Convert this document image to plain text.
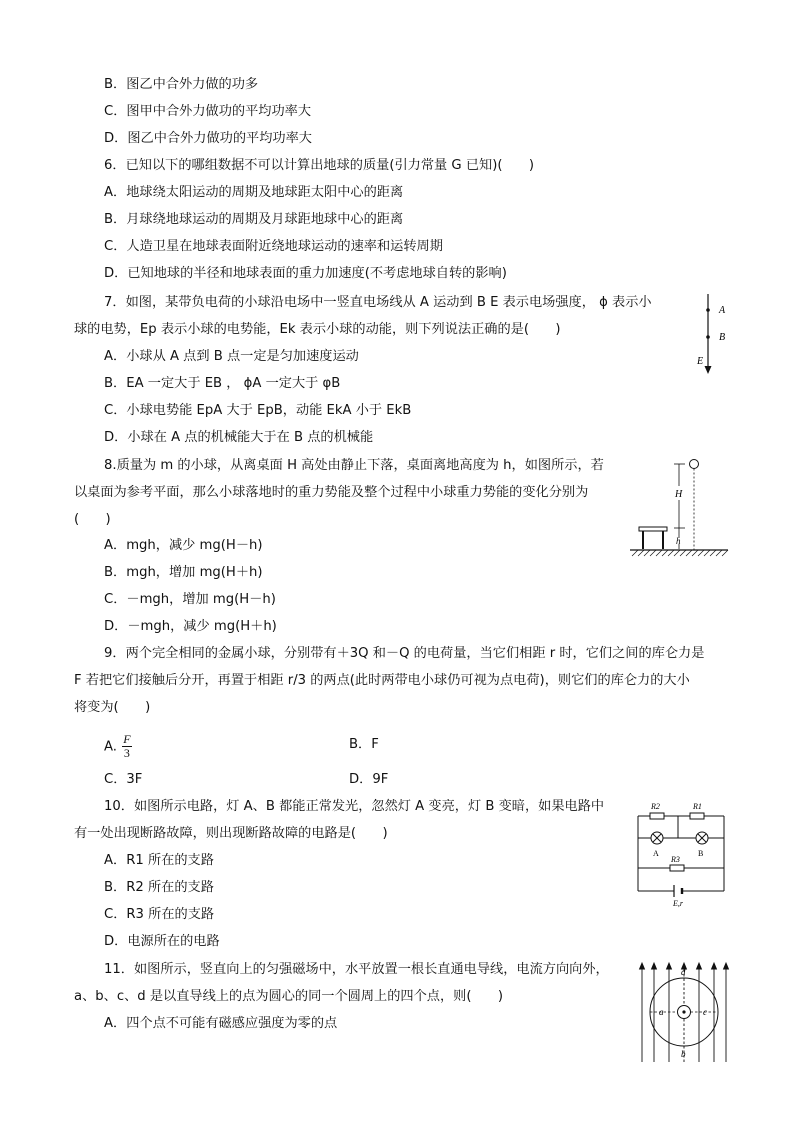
B．图乙中合外力做的功多
C．图甲中合外力做功的平均功率大
D．图乙中合外力做功的平均功率大
6．已知以下的哪组数据不可以计算出地球的质量(引力常量 G 已知)(　　)
A．地球绕太阳运动的周期及地球距太阳中心的距离
B．月球绕地球运动的周期及月球距地球中心的距离
C．人造卫星在地球表面附近绕地球运动的速率和运转周期
D．已知地球的半径和地球表面的重力加速度(不考虑地球自转的影响)
7．如图，某带负电荷的小球沿电场中一竖直电场线从 A 运动到 B E 表示电场强度， ϕ 表示小
球的电势，Ep 表示小球的电势能，Ek 表示小球的动能，则下列说法正确的是(　　)
A．小球从 A 点到 B 点一定是匀加速度运动
B．EA 一定大于 EB ， ϕA 一定大于 φB
C．小球电势能 EpA 大于 EpB，动能 EkA 小于 EkB
D．小球在 A 点的机械能大于在 B 点的机械能
A
B
E
8.质量为 m 的小球，从离桌面 H 高处由静止下落，桌面离地高度为 h，如图所示，若
以桌面为参考平面，那么小球落地时的重力势能及整个过程中小球重力势能的变化分别为
(　　)
A．mgh，减少 mg(H－h)
B．mgh，增加 mg(H＋h)
C．－mgh，增加 mg(H－h)
D．－mgh，减少 mg(H＋h)
H
h
9．两个完全相同的金属小球，分别带有＋3Q 和－Q 的电荷量，当它们相距 r 时，它们之间的库仑力是
F 若把它们接触后分开，再置于相距 r/3 的两点(此时两带电小球仍可视为点电荷)，则它们的库仑力的大小
将变为(　　)
A. $\frac{F}{3}$	B．F
C．3F	D．9F
10．如图所示电路，灯 A、B 都能正常发光，忽然灯 A 变亮，灯 B 变暗，如果电路中
有一处出现断路故障，则出现断路故障的电路是(　　)
A．R1 所在的支路
B．R2 所在的支路
C．R3 所在的支路
D．电源所在的电路
R2	R1
R3
A	B
E,r
11．如图所示，竖直向上的匀强磁场中，水平放置一根长直通电导线，电流方向向外，
a、b、c、d 是以直导线上的点为圆心的同一个圆周上的四个点，则(　　)
A．四个点不可能有磁感应强度为零的点
d
b
a	c
